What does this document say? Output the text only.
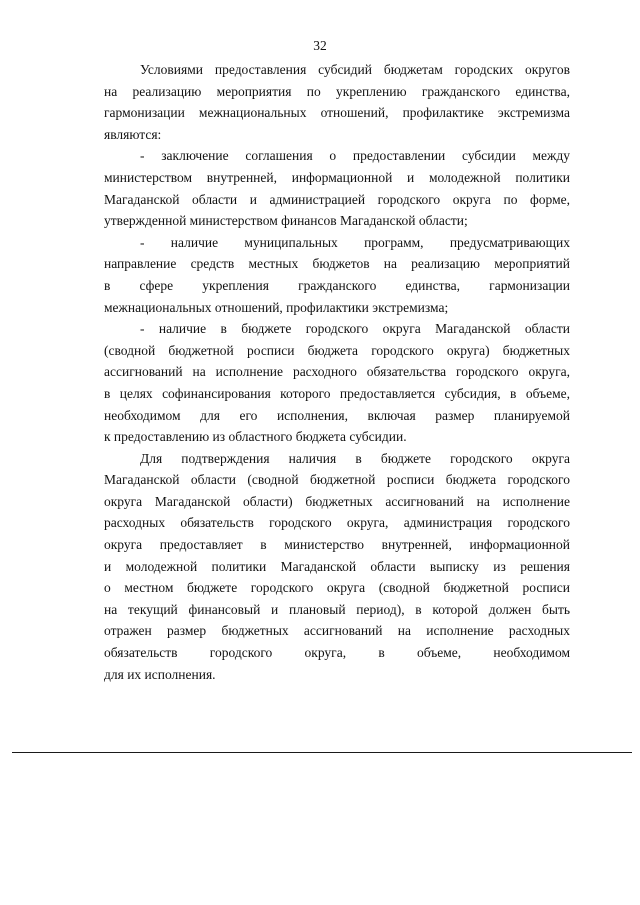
32

Условиями предоставления субсидий бюджетам городских округов
на реализацию мероприятия по укреплению гражданского единства,
гармонизации межнациональных отношений, профилактике экстремизма
являются:

- заключение соглашения о предоставлении субсидии между
министерством внутренней, информационной и молодежной политики
Магаданской области и администрацией городского округа по форме,
утвержденной министерством финансов Магаданской области;

- наличие муниципальных программ, предусматривающих
направление средств местных бюджетов на реализацию мероприятий
в сфере укрепления гражданского единства, гармонизации
межнациональных отношений, профилактики экстремизма;

- наличие в бюджете городского округа Магаданской области
(сводной бюджетной росписи бюджета городского округа) бюджетных
ассигнований на исполнение расходного обязательства городского округа,
в целях софинансирования которого предоставляется субсидия, в объеме,
необходимом для его исполнения, включая размер планируемой
к предоставлению из областного бюджета субсидии.

Для подтверждения наличия в бюджете городского округа
Магаданской области (сводной бюджетной росписи бюджета городского
округа Магаданской области) бюджетных ассигнований на исполнение
расходных обязательств городского округа, администрация городского
округа предоставляет в министерство внутренней, информационной
и молодежной политики Магаданской области выписку из решения
о местном бюджете городского округа (сводной бюджетной росписи
на текущий финансовый и плановый период), в которой должен быть
отражен размер бюджетных ассигнований на исполнение расходных
обязательств городского округа, в объеме, необходимом
для их исполнения.
